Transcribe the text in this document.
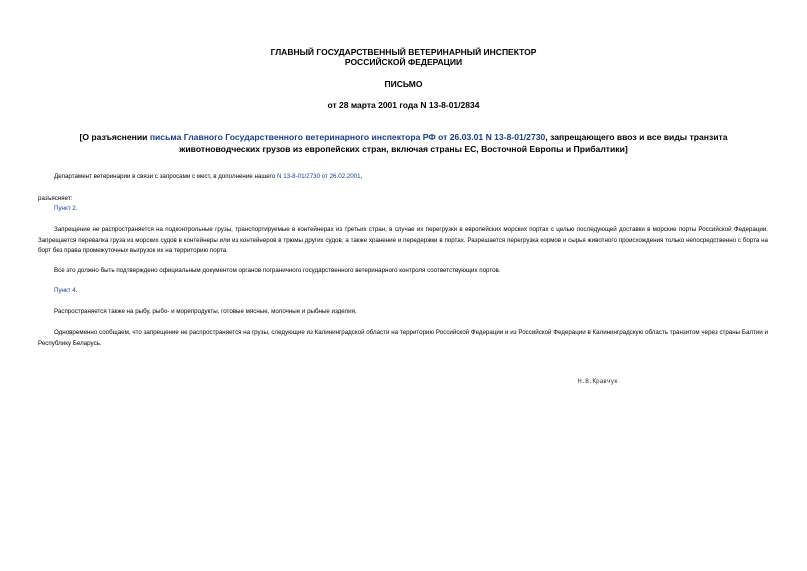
ГЛАВНЫЙ ГОСУДАРСТВЕННЫЙ ВЕТЕРИНАРНЫЙ ИНСПЕКТОР

РОССИЙСКОЙ ФЕДЕРАЦИИ

ПИСЬМО

от 28 марта 2001 года N 13-8-01/2834

[О разъяснении письма Главного Государственного ветеринарного инспектора РФ от 26.03.01 N 13-8-01/2730, запрещающего ввоз и все виды транзита животноводческих грузов из европейских стран, включая страны ЕС, Восточной Европы и Прибалтики]

Департамент ветеринарии в связи с запросами с мест, в дополнение нашего N 13-8-01/2730 от 26.02.2001,

разъясняет:

Пункт 2.

Запрещение не распространяется на подконтрольные грузы, транспортируемые в контейнерах из третьих стран, в случае их перегрузки в европейских морских портах с целью последующей доставки в морские порты Российской Федерации. Запрещается перевалка груза из морских судов в контейнеры или из контейнеров в трюмы других судов, а также хранение и передержки в портах. Разрешается перегрузка кормов и сырья животного происхождения только непосредственно с борта на борт без права промежуточных выгрузок их на территорию порта.

Все это должно быть подтверждено официальным документом органов пограничного государственного ветеринарного контроля соответствующих портов.

Пункт 4.

Распространяется также на рыбу, рыбо- и морепродукты, готовые мясные, молочные и рыбные изделия.

Одновременно сообщаем, что запрещение не распространяется на грузы, следующие из Калининградской области на территорию Российской Федерации и из Российской Федерации в Калининградскую область транзитом через страны Балтии и Республику Беларусь.

Н.В.Кравчук
